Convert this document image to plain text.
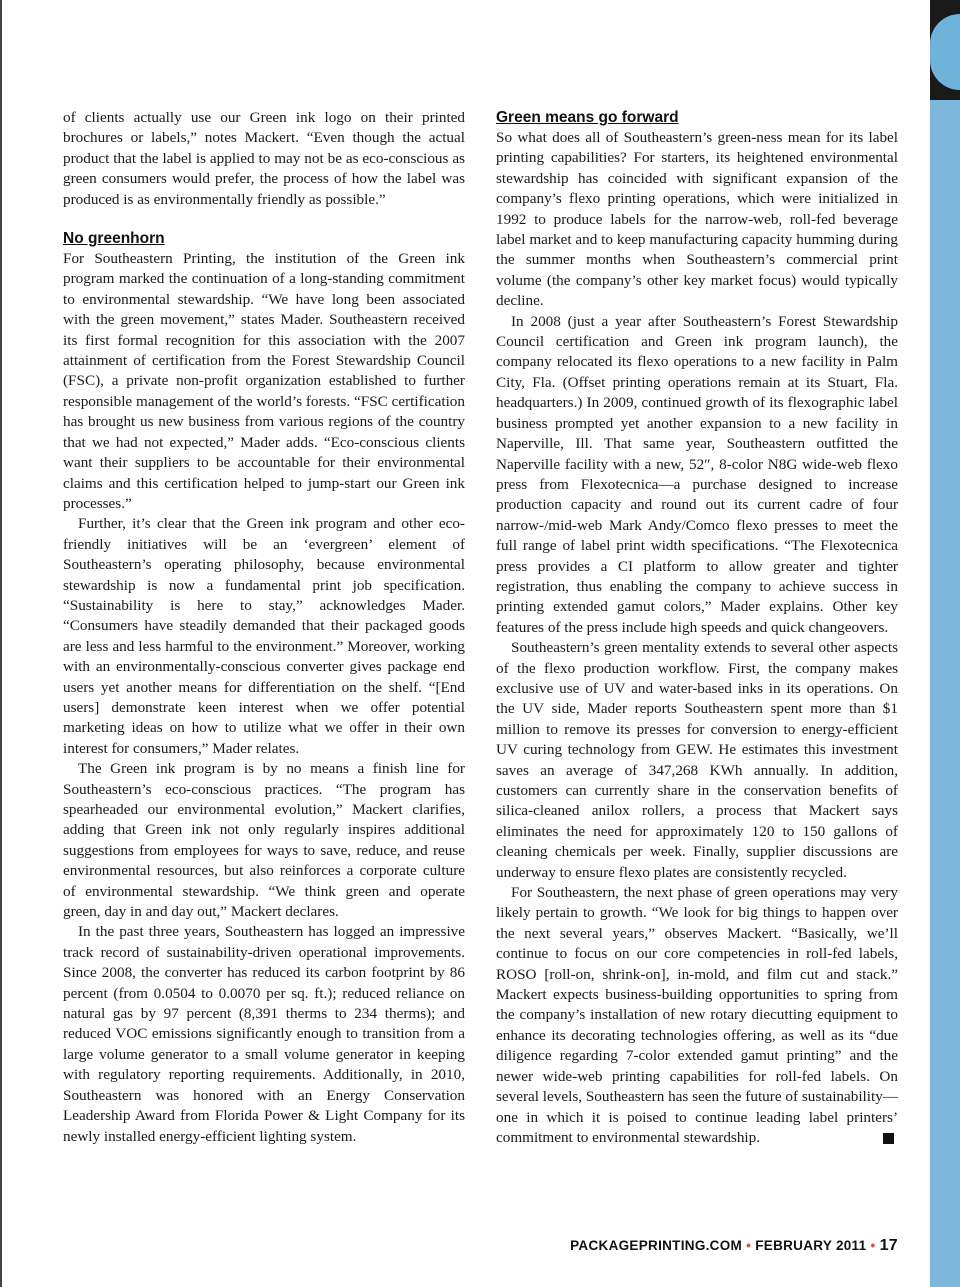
of clients actually use our Green ink logo on their printed brochures or labels,” notes Mackert. “Even though the actual product that the label is applied to may not be as eco-conscious as green consumers would prefer, the process of how the label was produced is as environmentally friendly as possible.”

No greenhorn

For Southeastern Printing, the institution of the Green ink program marked the continuation of a long-standing commitment to environmental stewardship. “We have long been associated with the green movement,” states Mader. Southeastern received its first formal recognition for this association with the 2007 attainment of certification from the Forest Stewardship Council (FSC), a private non-profit organization established to further responsible management of the world’s forests. “FSC certification has brought us new business from various regions of the country that we had not expected,” Mader adds. “Eco-conscious clients want their suppliers to be accountable for their environmental claims and this certification helped to jump-start our Green ink processes.”

Further, it’s clear that the Green ink program and other eco-friendly initiatives will be an ‘evergreen’ element of Southeastern’s operating philosophy, because environmental stewardship is now a fundamental print job specification. “Sustainability is here to stay,” acknowledges Mader. “Consumers have steadily demanded that their packaged goods are less and less harmful to the environment.” Moreover, working with an environmentally-conscious converter gives package end users yet another means for differentiation on the shelf. “[End users] demonstrate keen interest when we offer potential marketing ideas on how to utilize what we offer in their own interest for consumers,” Mader relates.

The Green ink program is by no means a finish line for Southeastern’s eco-conscious practices. “The program has spearheaded our environmental evolution,” Mackert clarifies, adding that Green ink not only regularly inspires additional suggestions from employees for ways to save, reduce, and reuse environmental resources, but also reinforces a corporate culture of environmental stewardship. “We think green and operate green, day in and day out,” Mackert declares.

In the past three years, Southeastern has logged an impressive track record of sustainability-driven operational improvements. Since 2008, the converter has reduced its carbon footprint by 86 percent (from 0.0504 to 0.0070 per sq. ft.); reduced reliance on natural gas by 97 percent (8,391 therms to 234 therms); and reduced VOC emissions significantly enough to transition from a large volume generator to a small volume generator in keeping with regulatory reporting requirements. Additionally, in 2010, Southeastern was honored with an Energy Conservation Leadership Award from Florida Power & Light Company for its newly installed energy-efficient lighting system.

Green means go forward

So what does all of Southeastern’s green-ness mean for its label printing capabilities? For starters, its heightened environmental stewardship has coincided with significant expansion of the company’s flexo printing operations, which were initialized in 1992 to produce labels for the narrow-web, roll-fed beverage label market and to keep manufacturing capacity humming during the summer months when Southeastern’s commercial print volume (the company’s other key market focus) would typically decline.

In 2008 (just a year after Southeastern’s Forest Stewardship Council certification and Green ink program launch), the company relocated its flexo operations to a new facility in Palm City, Fla. (Offset printing operations remain at its Stuart, Fla. headquarters.) In 2009, continued growth of its flexographic label business prompted yet another expansion to a new facility in Naperville, Ill. That same year, Southeastern outfitted the Naperville facility with a new, 52″, 8-color N8G wide-web flexo press from Flexotecnica—a purchase designed to increase production capacity and round out its current cadre of four narrow-/mid-web Mark Andy/Comco flexo presses to meet the full range of label print width specifications. “The Flexotecnica press provides a CI platform to allow greater and tighter registration, thus enabling the company to achieve success in printing extended gamut colors,” Mader explains. Other key features of the press include high speeds and quick changeovers.

Southeastern’s green mentality extends to several other aspects of the flexo production workflow. First, the company makes exclusive use of UV and water-based inks in its operations. On the UV side, Mader reports Southeastern spent more than $1 million to remove its presses for conversion to energy-efficient UV curing technology from GEW. He estimates this investment saves an average of 347,268 KWh annually. In addition, customers can currently share in the conservation benefits of silica-cleaned anilox rollers, a process that Mackert says eliminates the need for approximately 120 to 150 gallons of cleaning chemicals per week. Finally, supplier discussions are underway to ensure flexo plates are consistently recycled.

For Southeastern, the next phase of green operations may very likely pertain to growth. “We look for big things to happen over the next several years,” observes Mackert. “Basically, we’ll continue to focus on our core competencies in roll-fed labels, ROSO [roll-on, shrink-on], in-mold, and film cut and stack.” Mackert expects business-building opportunities to spring from the company’s installation of new rotary diecutting equipment to enhance its decorating technologies offering, as well as its “due diligence regarding 7-color extended gamut printing” and the newer wide-web printing capabilities for roll-fed labels. On several levels, Southeastern has seen the future of sustainability—one in which it is poised to continue leading label printers’ commitment to environmental stewardship.

PACKAGEPRINTING.COM • FEBRUARY 2011 • 17
